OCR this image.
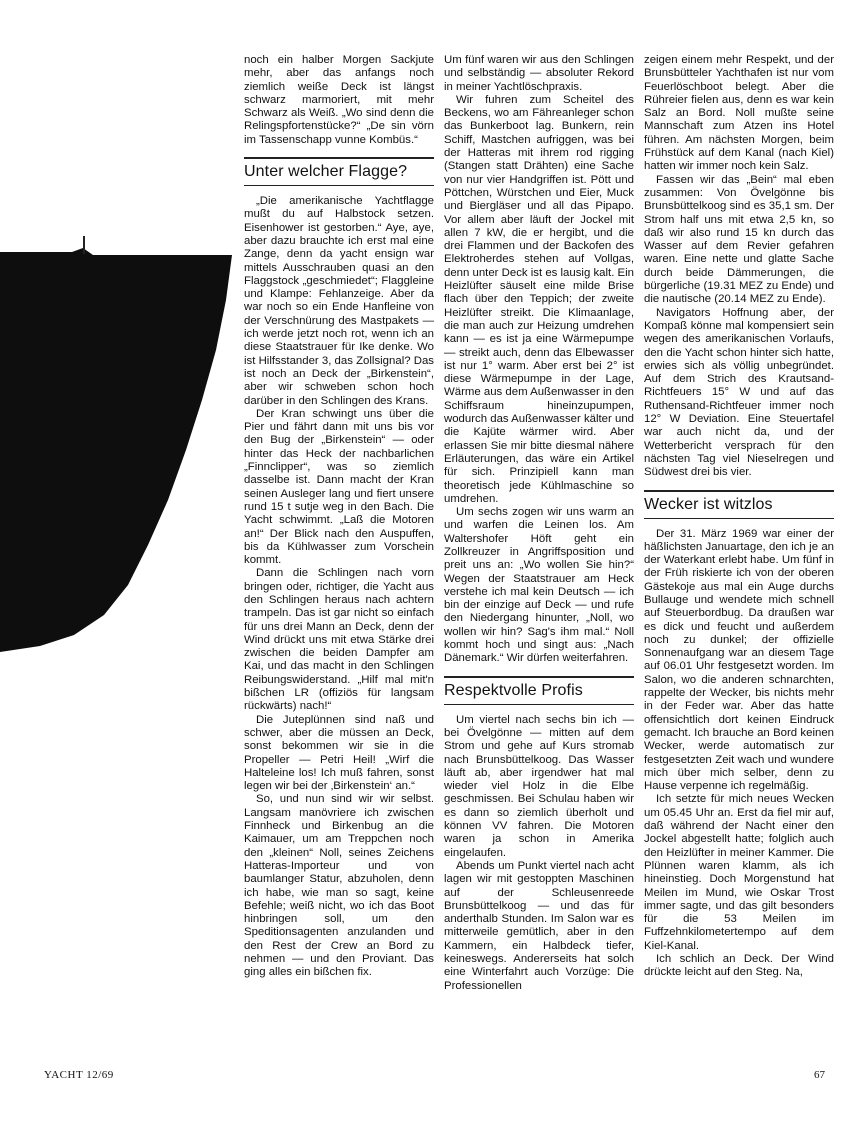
noch ein halber Morgen Sackjute mehr, aber das anfangs noch ziemlich weiße Deck ist längst schwarz marmoriert, mit mehr Schwarz als Weiß. „Wo sind denn die Relingspfortenstücke?“ „De sin vörn im Tassenschapp vunne Kombüs.“

Unter welcher Flagge?

„Die amerikanische Yachtflagge mußt du auf Halbstock setzen. Eisenhower ist gestorben.“ Aye, aye, aber dazu brauchte ich erst mal eine Zange, denn da yacht ensign war mittels Ausschrauben quasi an den Flaggstock „geschmiedet“; Flaggleine und Klampe: Fehlanzeige. Aber da war noch so ein Ende Hanfleine von der Verschnürung des Mastpakets — ich werde jetzt noch rot, wenn ich an diese Staatstrauer für Ike denke. Wo ist Hilfsstander 3, das Zollsignal? Das ist noch an Deck der „Birkenstein“, aber wir schweben schon hoch darüber in den Schlingen des Krans.

Der Kran schwingt uns über die Pier und fährt dann mit uns bis vor den Bug der „Birkenstein“ — oder hinter das Heck der nachbarlichen „Finnclipper“, was so ziemlich dasselbe ist. Dann macht der Kran seinen Ausleger lang und fiert unsere rund 15 t sutje weg in den Bach. Die Yacht schwimmt. „Laß die Motoren an!“ Der Blick nach den Auspuffen, bis da Kühlwasser zum Vorschein kommt.

Dann die Schlingen nach vorn bringen oder, richtiger, die Yacht aus den Schlingen heraus nach achtern trampeln. Das ist gar nicht so einfach für uns drei Mann an Deck, denn der Wind drückt uns mit etwa Stärke drei zwischen die beiden Dampfer am Kai, und das macht in den Schlingen Reibungswiderstand. „Hilf mal mit'n bißchen LR (offiziös für langsam rückwärts) nach!“

Die Juteplünnen sind naß und schwer, aber die müssen an Deck, sonst bekommen wir sie in die Propeller — Petri Heil! „Wirf die Halteleine los! Ich muß fahren, sonst legen wir bei der ‚Birkenstein‘ an.“

So, und nun sind wir wir selbst. Langsam manövriere ich zwischen Finnheck und Birkenbug an die Kaimauer, um am Treppchen noch den „kleinen“ Noll, seines Zeichens Hatteras-Importeur und von baumlanger Statur, abzuholen, denn ich habe, wie man so sagt, keine Befehle; weiß nicht, wo ich das Boot hinbringen soll, um den Speditionsagenten anzulanden und den Rest der Crew an Bord zu nehmen — und den Proviant. Das ging alles ein bißchen fix.

Um fünf waren wir aus den Schlingen und selbständig — absoluter Rekord in meiner Yachtlöschpraxis.

Wir fuhren zum Scheitel des Beckens, wo am Fähreanleger schon das Bunkerboot lag. Bunkern, rein Schiff, Mastchen aufriggen, was bei der Hatteras mit ihrem rod rigging (Stangen statt Drähten) eine Sache von nur vier Handgriffen ist. Pött und Pöttchen, Würstchen und Eier, Muck und Biergläser und all das Pipapo. Vor allem aber läuft der Jockel mit allen 7 kW, die er hergibt, und die drei Flammen und der Backofen des Elektroherdes stehen auf Vollgas, denn unter Deck ist es lausig kalt. Ein Heizlüfter säuselt eine milde Brise flach über den Teppich; der zweite Heizlüfter streikt. Die Klimaanlage, die man auch zur Heizung umdrehen kann — es ist ja eine Wärmepumpe — streikt auch, denn das Elbewasser ist nur 1° warm. Aber erst bei 2° ist diese Wärmepumpe in der Lage, Wärme aus dem Außenwasser in den Schiffsraum hineinzupumpen, wodurch das Außenwasser kälter und die Kajüte wärmer wird. Aber erlassen Sie mir bitte diesmal nähere Erläuterungen, das wäre ein Artikel für sich. Prinzipiell kann man theoretisch jede Kühlmaschine so umdrehen.

Um sechs zogen wir uns warm an und warfen die Leinen los. Am Waltershofer Höft geht ein Zollkreuzer in Angriffsposition und preit uns an: „Wo wollen Sie hin?“ Wegen der Staatstrauer am Heck verstehe ich mal kein Deutsch — ich bin der einzige auf Deck — und rufe den Niedergang hinunter, „Noll, wo wollen wir hin? Sag's ihm mal.“ Noll kommt hoch und singt aus: „Nach Dänemark.“ Wir dürfen weiterfahren.

Respektvolle Profis

Um viertel nach sechs bin ich — bei Övelgönne — mitten auf dem Strom und gehe auf Kurs stromab nach Brunsbüttelkoog. Das Wasser läuft ab, aber irgendwer hat mal wieder viel Holz in die Elbe geschmissen. Bei Schulau haben wir es dann so ziemlich überholt und können VV fahren. Die Motoren waren ja schon in Amerika eingelaufen.

Abends um Punkt viertel nach acht lagen wir mit gestoppten Maschinen auf der Schleusenreede Brunsbüttelkoog — und das für anderthalb Stunden. Im Salon war es mitterweile gemütlich, aber in den Kammern, ein Halbdeck tiefer, keineswegs. Andererseits hat solch eine Winterfahrt auch Vorzüge: Die Professionellen

zeigen einem mehr Respekt, und der Brunsbütteler Yachthafen ist nur vom Feuerlöschboot belegt. Aber die Rühreier fielen aus, denn es war kein Salz an Bord. Noll mußte seine Mannschaft zum Atzen ins Hotel führen. Am nächsten Morgen, beim Frühstück auf dem Kanal (nach Kiel) hatten wir immer noch kein Salz.

Fassen wir das „Bein“ mal eben zusammen: Von Övelgönne bis Brunsbüttelkoog sind es 35,1 sm. Der Strom half uns mit etwa 2,5 kn, so daß wir also rund 15 kn durch das Wasser auf dem Revier gefahren waren. Eine nette und glatte Sache durch beide Dämmerungen, die bürgerliche (19.31 MEZ zu Ende) und die nautische (20.14 MEZ zu Ende).

Navigators Hoffnung aber, der Kompaß könne mal kompensiert sein wegen des amerikanischen Vorlaufs, den die Yacht schon hinter sich hatte, erwies sich als völlig unbegründet. Auf dem Strich des Krautsand-Richtfeuers 15° W und auf das Ruthensand-Richtfeuer immer noch 12° W Deviation. Eine Steuertafel war auch nicht da, und der Wetterbericht versprach für den nächsten Tag viel Nieselregen und Südwest drei bis vier.

Wecker ist witzlos

Der 31. März 1969 war einer der häßlichsten Januartage, den ich je an der Waterkant erlebt habe. Um fünf in der Früh riskierte ich von der oberen Gästekoje aus mal ein Auge durchs Bullauge und wendete mich schnell auf Steuerbordbug. Da draußen war es dick und feucht und außerdem noch zu dunkel; der offizielle Sonnenaufgang war an diesem Tage auf 06.01 Uhr festgesetzt worden. Im Salon, wo die anderen schnarchten, rappelte der Wecker, bis nichts mehr in der Feder war. Aber das hatte offensichtlich dort keinen Eindruck gemacht. Ich brauche an Bord keinen Wecker, werde automatisch zur festgesetzten Zeit wach und wundere mich über mich selber, denn zu Hause verpenne ich regelmäßig.

Ich setzte für mich neues Wecken um 05.45 Uhr an. Erst da fiel mir auf, daß während der Nacht einer den Jockel abgestellt hatte; folglich auch den Heizlüfter in meiner Kammer. Die Plünnen waren klamm, als ich hineinstieg. Doch Morgenstund hat Meilen im Mund, wie Oskar Trost immer sagte, und das gilt besonders für die 53 Meilen im Fuffzehnkilometertempo auf dem Kiel-Kanal.

Ich schlich an Deck. Der Wind drückte leicht auf den Steg. Na,

YACHT 12/69	67
